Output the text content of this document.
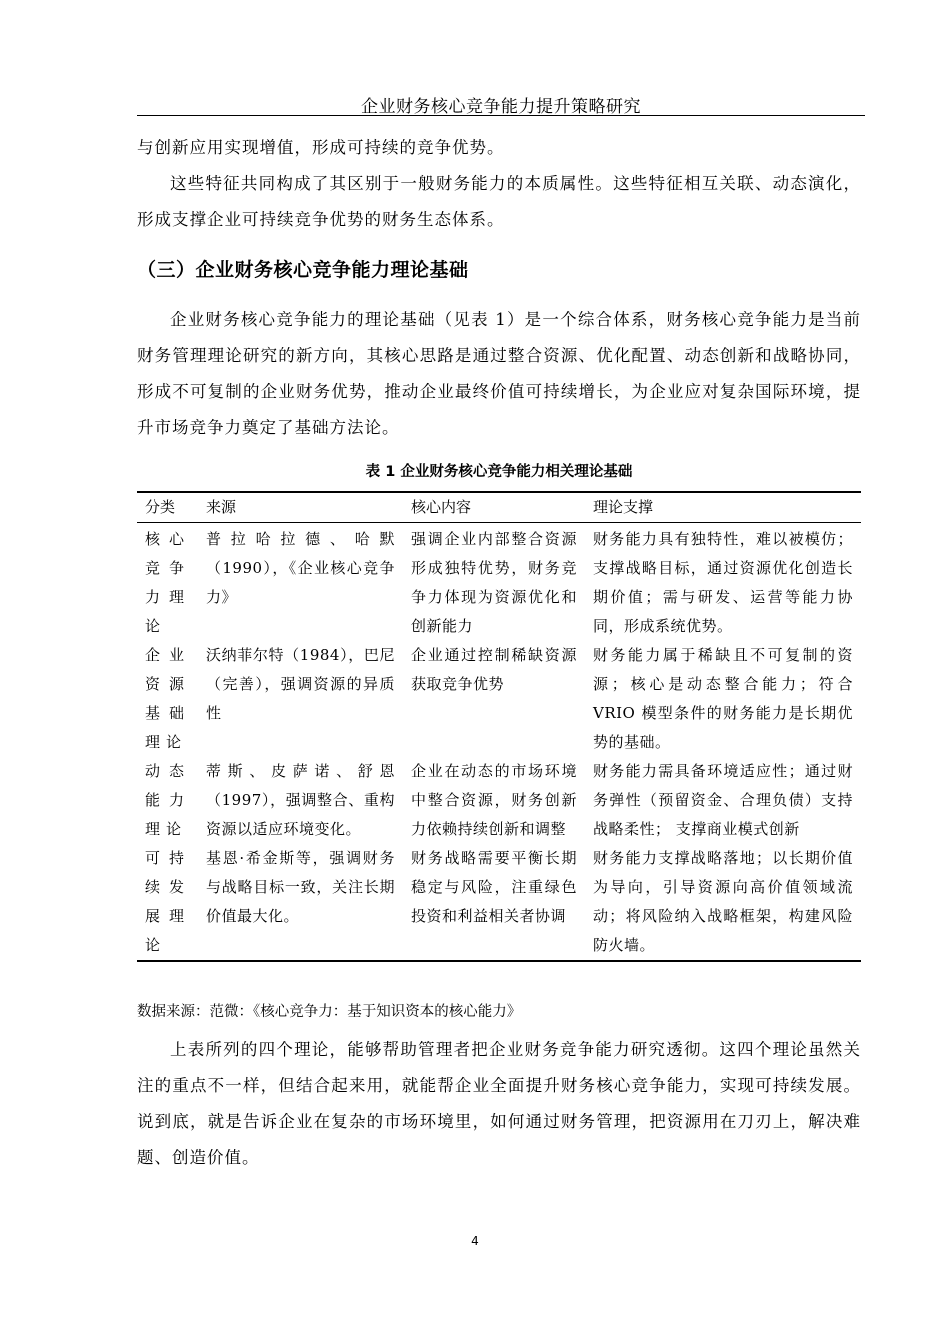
企业财务核心竞争能力提升策略研究
与创新应用实现增值，形成可持续的竞争优势。
这些特征共同构成了其区别于一般财务能力的本质属性。这些特征相互关联、动态演化，形成支撑企业可持续竞争优势的财务生态体系。
（三）企业财务核心竞争能力理论基础
企业财务核心竞争能力的理论基础（见表 1）是一个综合体系，财务核心竞争能力是当前财务管理理论研究的新方向，其核心思路是通过整合资源、优化配置、动态创新和战略协同，形成不可复制的企业财务优势，推动企业最终价值可持续增长，为企业应对复杂国际环境，提升市场竞争力奠定了基础方法论。
表 1 企业财务核心竞争能力相关理论基础
分类	来源	核心内容	理论支撑
核心竞争力理论	普拉哈拉德、哈默（1990），《企业核心竞争力》	强调企业内部整合资源形成独特优势，财务竞争力体现为资源优化和创新能力	财务能力具有独特性，难以被模仿； 支撑战略目标，通过资源优化创造长期价值；需与研发、运营等能力协同，形成系统优势。
企业资源基础理论	沃纳菲尔特（1984），巴尼（完善），强调资源的异质性	企业通过控制稀缺资源获取竞争优势	财务能力属于稀缺且不可复制的资源；核心是动态整合能力；符合 VRIO 模型条件的财务能力是长期优势的基础。
动态能力理论	蒂斯、皮萨诺、舒恩（1997），强调整合、重构资源以适应环境变化。	企业在动态的市场环境中整合资源，财务创新力依赖持续创新和调整	财务能力需具备环境适应性；通过财务弹性（预留资金、合理负债）支持战略柔性； 支撑商业模式创新
可持续发展理论	基恩·希金斯等，强调财务与战略目标一致，关注长期价值最大化。	财务战略需要平衡长期稳定与风险，注重绿色投资和利益相关者协调	财务能力支撑战略落地；以长期价值为导向，引导资源向高价值领域流动；将风险纳入战略框架，构建风险防火墙。
数据来源：范微：《核心竞争力：基于知识资本的核心能力》
上表所列的四个理论，能够帮助管理者把企业财务竞争能力研究透彻。这四个理论虽然关注的重点不一样，但结合起来用，就能帮企业全面提升财务核心竞争能力，实现可持续发展。说到底，就是告诉企业在复杂的市场环境里，如何通过财务管理，把资源用在刀刃上，解决难题、创造价值。
4
